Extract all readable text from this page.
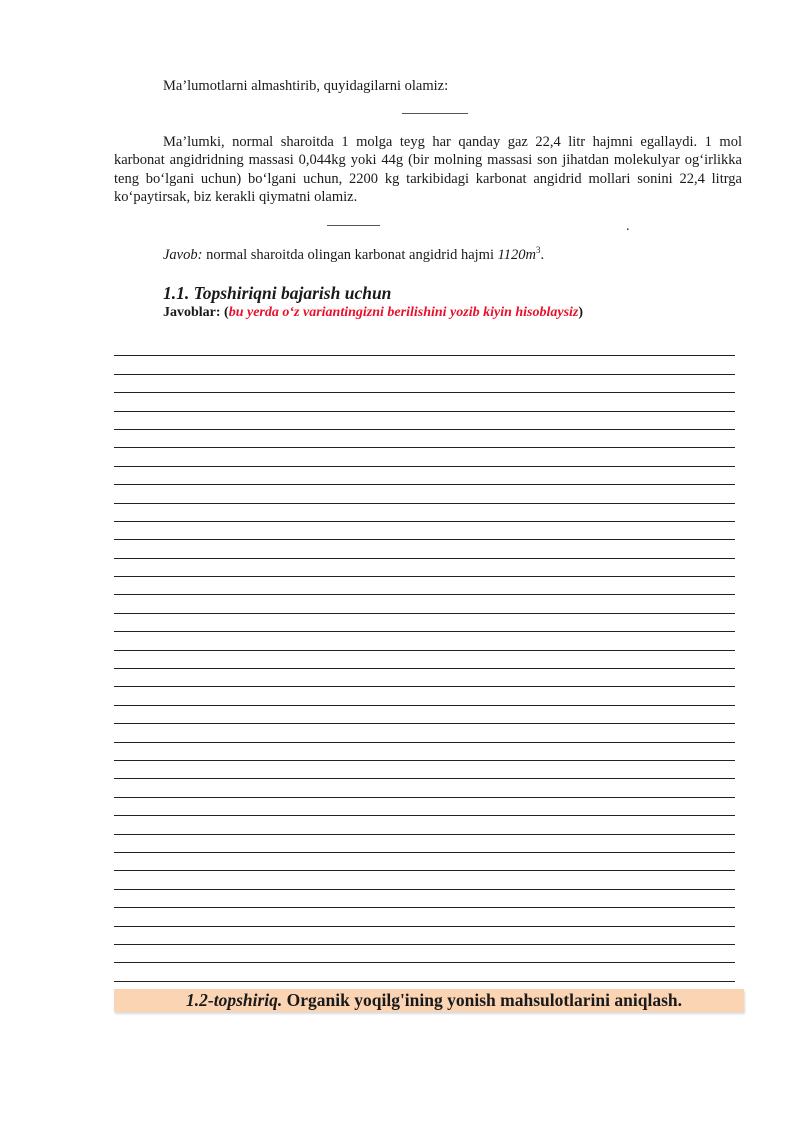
Ma’lumotlarni almashtirib, quyidagilarni olamiz:
Ma’lumki, normal sharoitda 1 molga teyg har qanday gaz 22,4 litr hajmni egallaydi. 1 mol karbonat angidridning massasi 0,044kg yoki 44g (bir molning massasi son jihatdan molekulyar og‘irlikka teng bo‘lgani uchun) bo‘lgani uchun, 2200 kg tarkibidagi karbonat angidrid mollari sonini 22,4 litrga ko‘paytirsak, biz kerakli qiymatni olamiz.
.
Javob: normal sharoitda olingan karbonat angidrid hajmi $1120m^3$.
1.1. Topshiriqni bajarish uchun
Javoblar: (bu yerda o‘z variantingizni berilishini yozib kiyin hisoblaysiz)
1.2-topshiriq. Organik yoqilg'ining yonish mahsulotlarini aniqlash.
